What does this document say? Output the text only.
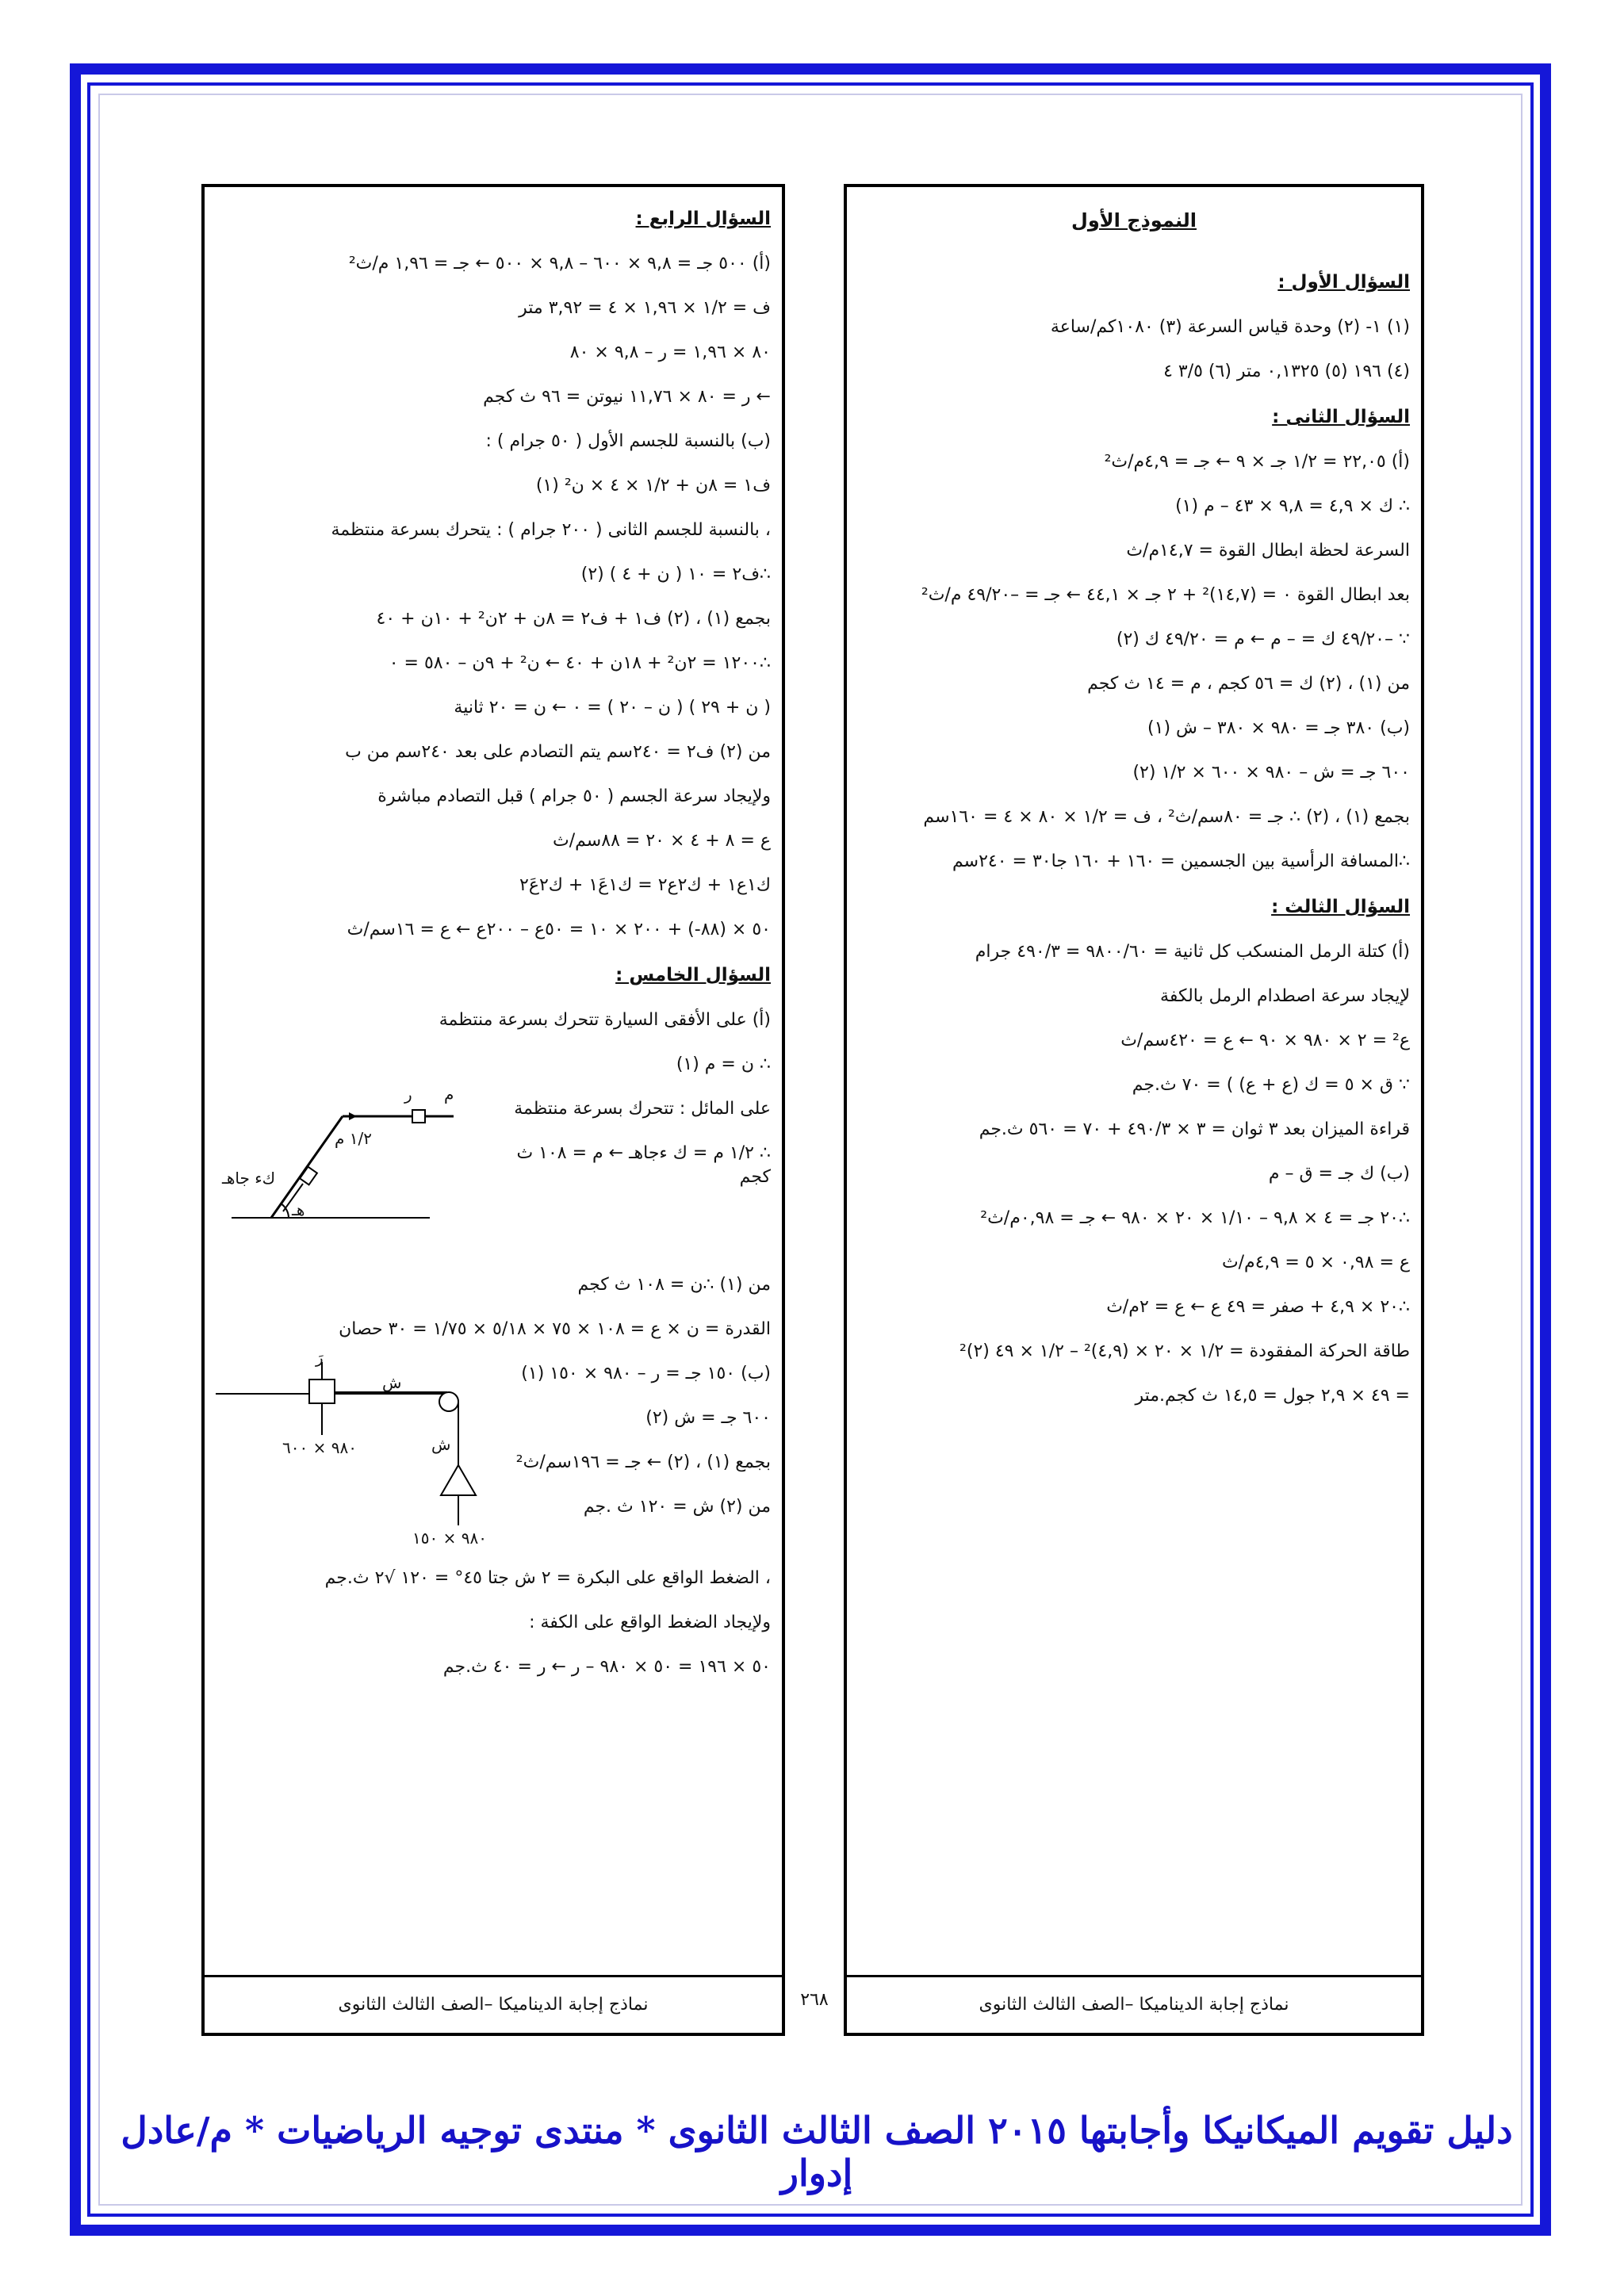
النموذج الأول
السؤال الأول :
(١) ١- (٢) وحدة قياس السرعة (٣) ١٠٨٠كم/ساعة
(٤) ١٩٦ (٥) ٠,١٣٢٥ متر (٦) ٣/٥ ٤
السؤال الثانى :
(أ) ٢٢,٠٥ = ١/٢ جـ × ٩ ← جـ = ٤,٩م/ث²
∴ ك × ٤,٩ = ٩,٨ × ٤٣ – م (١)
السرعة لحظة ابطال القوة = ١٤,٧م/ث
بعد ابطال القوة ٠ = (١٤,٧)² + ٢ جـ × ٤٤,١ ← جـ = –٤٩/٢٠ م/ث²
∵ –٤٩/٢٠ ك = – م ← م = ٤٩/٢٠ ك (٢)
من (١) ، (٢) ك = ٥٦ كجم ، م = ١٤ ث كجم
(ب) ٣٨٠ جـ = ٩٨٠ × ٣٨٠ – ش (١)
٦٠٠ جـ = ش – ٩٨٠ × ٦٠٠ × ١/٢ (٢)
بجمع (١) ، (٢) ∴ جـ = ٨٠سم/ث² ، ف = ١/٢ × ٨٠ × ٤ = ١٦٠سم
∴المسافة الرأسية بين الجسمين = ١٦٠ + ١٦٠ جا٣٠ = ٢٤٠سم
السؤال الثالث :
(أ) كتلة الرمل المنسكب كل ثانية = ٩٨٠٠/٦٠ = ٤٩٠/٣ جرام
لإيجاد سرعة اصطدام الرمل بالكفة
ع² = ٢ × ٩٨٠ × ٩٠ ← ع = ٤٢٠سم/ث
∵ ق × ٥ = ك (ع + ع) ) = ٧٠ ث.جم
قراءة الميزان بعد ٣ ثوان = ٣ × ٤٩٠/٣ + ٧٠ = ٥٦٠ ث.جم
(ب) ك جـ = ق – م
∴٢٠ جـ = ٤ × ٩,٨ – ١/١٠ × ٢٠ × ٩٨٠ ← جـ = ٠,٩٨م/ث²
ع = ٠,٩٨ × ٥ = ٤,٩م/ث
∴٢٠ × ٤,٩ + صفر = ٤٩ ع ← ع = ٢م/ث
طاقة الحركة المفقودة = ١/٢ × ٢٠ × (٤,٩)² – ١/٢ × ٤٩ (٢)²
= ٤٩ × ٢,٩ جول = ١٤,٥ ث كجم.متر
نماذج إجابة الديناميكا –الصف الثالث الثانوى
السؤال الرابع :
(أ) ٥٠٠ جـ = ٩,٨ × ٦٠٠ – ٩,٨ × ٥٠٠ ← جـ = ١,٩٦ م/ث²
ف = ١/٢ × ١,٩٦ × ٤ = ٣,٩٢ متر
٨٠ × ١,٩٦ = ر – ٩,٨ × ٨٠
← ر = ٨٠ × ١١,٧٦ نيوتن = ٩٦ ث كجم
(ب) بالنسبة للجسم الأول ( ٥٠ جرام ) :
ف١ = ٨ن + ١/٢ × ٤ × ن² (١)
، بالنسبة للجسم الثانى ( ٢٠٠ جرام ) : يتحرك بسرعة منتظمة
∴ف٢ = ١٠ ( ن + ٤ ) (٢)
بجمع (١) ، (٢) ف١ + ف٢ = ٨ن + ٢ن² + ١٠ن + ٤٠
∴١٢٠٠ = ٢ن² + ١٨ن + ٤٠ ← ن² + ٩ن – ٥٨٠ = ٠
( ن + ٢٩ ) ( ن – ٢٠ ) = ٠ ← ن = ٢٠ ثانية
من (٢) ف٢ = ٢٤٠سم يتم التصادم على بعد ٢٤٠سم من ب
ولإيجاد سرعة الجسم ( ٥٠ جرام ) قبل التصادم مباشرة
ع = ٨ + ٤ × ٢٠ = ٨٨سم/ث
ك١ع١ + ك٢ع٢ = ك١ع١َ + ك٢ع٢َ
٥٠ × (٨٨-) + ٢٠٠ × ١٠ = ٥٠ع – ٢٠٠ع ← ع = ١٦سم/ث
السؤال الخامس :
(أ) على الأفقى السيارة تتحرك بسرعة منتظمة
ر م
١/٢ م
كء جاهـ
هـ
∴ ن = م (١)
على المائل : تتحرك بسرعة منتظمة
∴ ١/٢ م = ك ءجاهـ ← م = ١٠٨ ث كجم
من (١) ∴ن = ١٠٨ ث كجم
القدرة = ن × ع = ١٠٨ × ٧٥ × ٥/١٨ × ١/٧٥ = ٣٠ حصان
رَ
ش
ش
٩٨٠ × ٦٠٠
٩٨٠ × ١٥٠
(ب) ١٥٠ جـ = ر – ٩٨٠ × ١٥٠ (١)
٦٠٠ جـ = ش (٢)
بجمع (١) ، (٢) ← جـ = ١٩٦سم/ث²
من (٢) ش = ١٢٠ ث .جم
، الضغط الواقع على البكرة = ٢ ش جتا ٤٥° = ١٢٠ √٢ ث.جم
ولإيجاد الضغط الواقع على الكفة :
٥٠ × ١٩٦ = ٥٠ × ٩٨٠ – ر ← ر = ٤٠ ث.جم
نماذج إجابة الديناميكا –الصف الثالث الثانوى	٢٦٨
دليل تقويم الميكانيكا وأجابتها ٢٠١٥ الصف الثالث الثانوى * منتدى توجيه الرياضيات * م/عادل إدوار
